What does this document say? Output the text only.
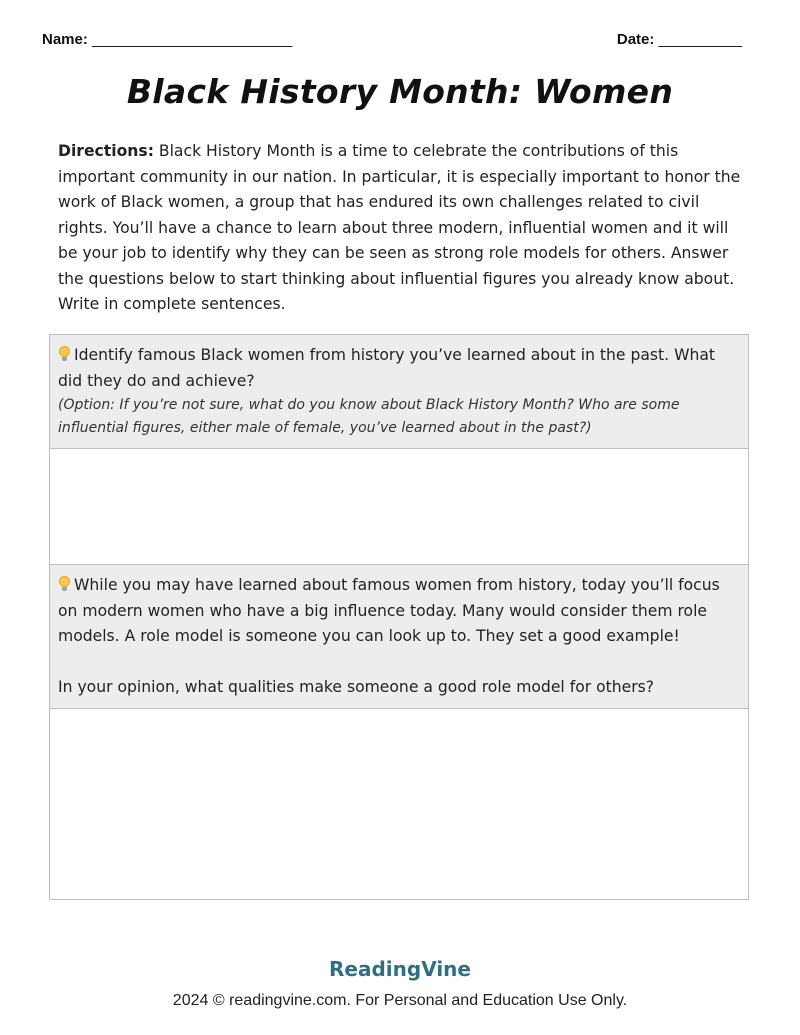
Name: ________________________	Date: __________
Black History Month: Women
Directions: Black History Month is a time to celebrate the contributions of this important community in our nation. In particular, it is especially important to honor the work of Black women, a group that has endured its own challenges related to civil rights. You’ll have a chance to learn about three modern, influential women and it will be your job to identify why they can be seen as strong role models for others. Answer the questions below to start thinking about influential figures you already know about. Write in complete sentences.
Identify famous Black women from history you’ve learned about in the past. What did they do and achieve?
(Option: If you’re not sure, what do you know about Black History Month? Who are some influential figures, either male of female, you’ve learned about in the past?)
While you may have learned about famous women from history, today you’ll focus on modern women who have a big influence today. Many would consider them role models. A role model is someone you can look up to. They set a good example!
In your opinion, what qualities make someone a good role model for others?
ReadingVine
2024 © readingvine.com. For Personal and Education Use Only.
